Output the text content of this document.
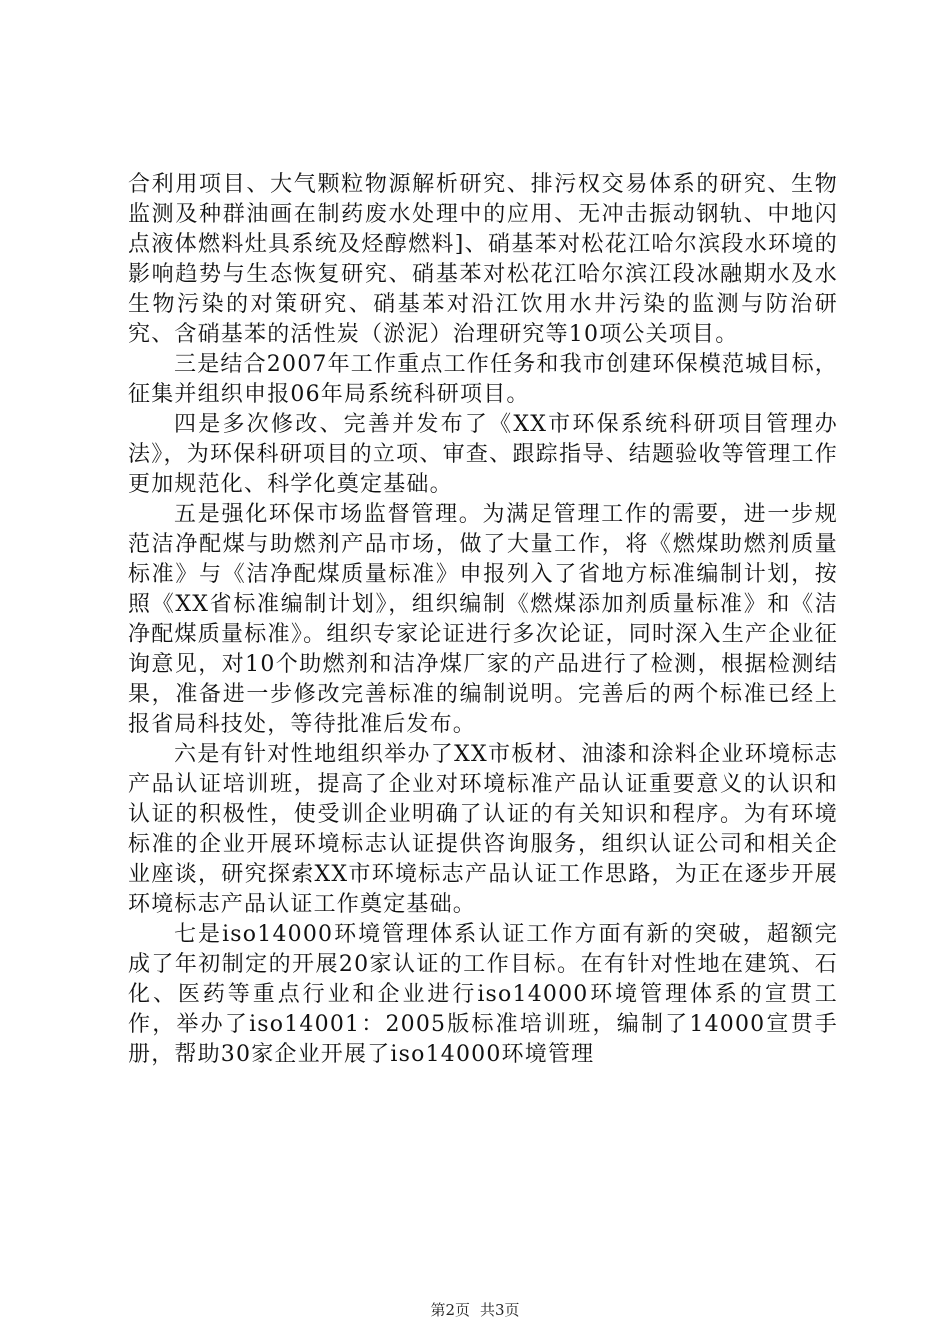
合利用项目、大气颗粒物源解析研究、排污权交易体系的研究、生物监测及种群油画在制药废水处理中的应用、无冲击振动钢轨、中地闪点液体燃料灶具系统及烃醇燃料]、硝基苯对松花江哈尔滨段水环境的影响趋势与生态恢复研究、硝基苯对松花江哈尔滨江段冰融期水及水生物污染的对策研究、硝基苯对沿江饮用水井污染的监测与防治研究、含硝基苯的活性炭（淤泥）治理研究等10项公关项目。

三是结合2007年工作重点工作任务和我市创建环保模范城目标，征集并组织申报06年局系统科研项目。

四是多次修改、完善并发布了《XX市环保系统科研项目管理办法》，为环保科研项目的立项、审查、跟踪指导、结题验收等管理工作更加规范化、科学化奠定基础。

五是强化环保市场监督管理。为满足管理工作的需要，进一步规范洁净配煤与助燃剂产品市场，做了大量工作，将《燃煤助燃剂质量标准》与《洁净配煤质量标准》申报列入了省地方标准编制计划，按照《XX省标准编制计划》，组织编制《燃煤添加剂质量标准》和《洁净配煤质量标准》。组织专家论证进行多次论证，同时深入生产企业征询意见，对10个助燃剂和洁净煤厂家的产品进行了检测，根据检测结果，准备进一步修改完善标准的编制说明。完善后的两个标准已经上报省局科技处，等待批准后发布。

六是有针对性地组织举办了XX市板材、油漆和涂料企业环境标志产品认证培训班，提高了企业对环境标准产品认证重要意义的认识和认证的积极性，使受训企业明确了认证的有关知识和程序。为有环境标准的企业开展环境标志认证提供咨询服务，组织认证公司和相关企业座谈，研究探索XX市环境标志产品认证工作思路，为正在逐步开展环境标志产品认证工作奠定基础。

七是iso14000环境管理体系认证工作方面有新的突破，超额完成了年初制定的开展20家认证的工作目标。在有针对性地在建筑、石化、医药等重点行业和企业进行iso14000环境管理体系的宣贯工作，举办了iso14001：2005版标准培训班，编制了14000宣贯手册，帮助30家企业开展了iso14000环境管理

第2页 共3页
